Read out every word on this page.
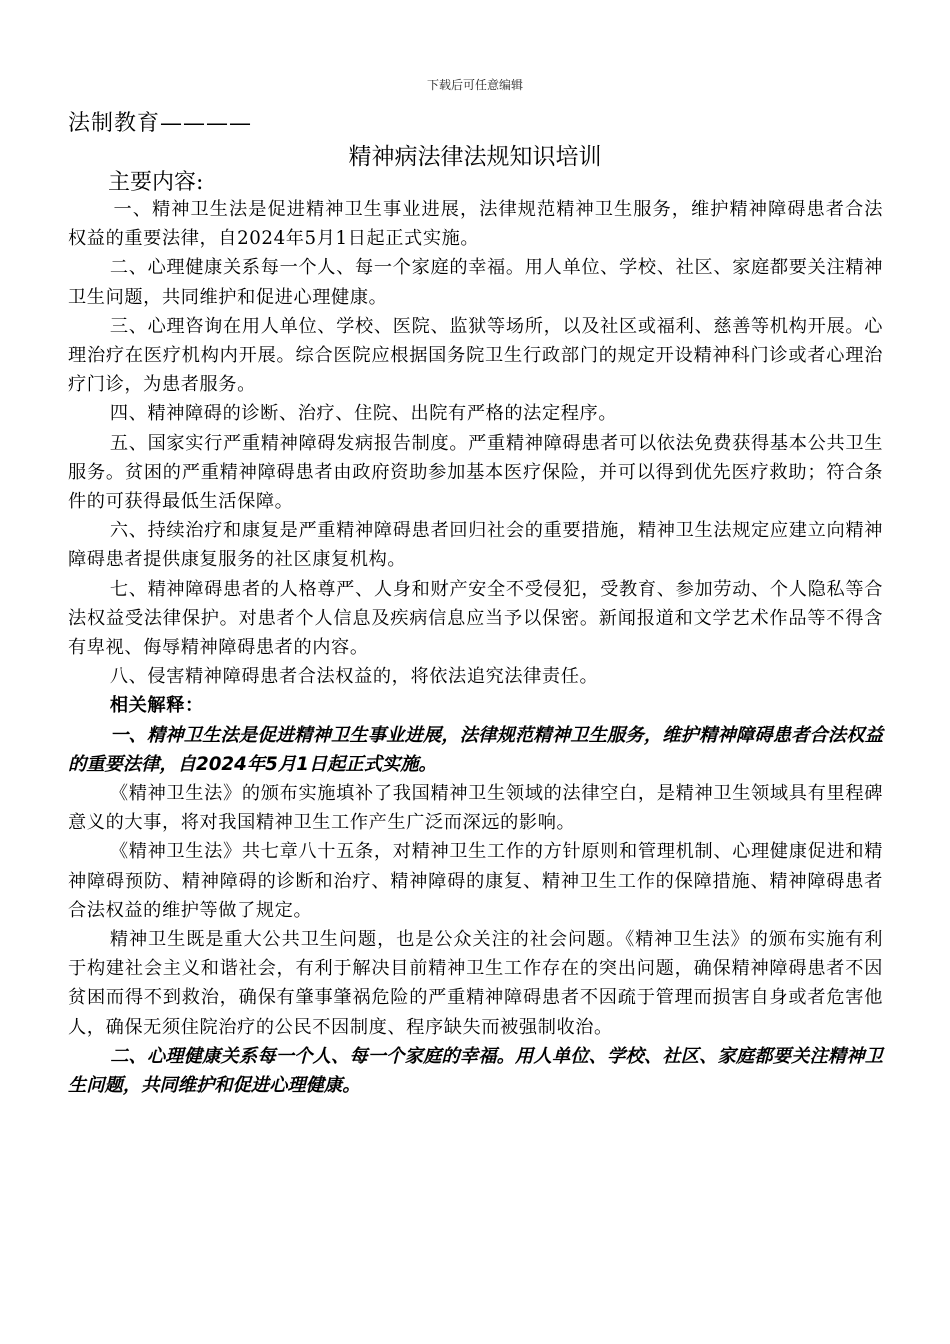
下载后可任意编辑
法制教育————
精神病法律法规知识培训
主要内容:

一、精神卫生法是促进精神卫生事业进展，法律规范精神卫生服务，维护精神障碍患者合法权益的重要法律，自2024年5月1日起正式实施。

二、心理健康关系每一个人、每一个家庭的幸福。用人单位、学校、社区、家庭都要关注精神卫生问题，共同维护和促进心理健康。

三、心理咨询在用人单位、学校、医院、监狱等场所，以及社区或福利、慈善等机构开展。心理治疗在医疗机构内开展。综合医院应根据国务院卫生行政部门的规定开设精神科门诊或者心理治疗门诊，为患者服务。

四、精神障碍的诊断、治疗、住院、出院有严格的法定程序。

五、国家实行严重精神障碍发病报告制度。严重精神障碍患者可以依法免费获得基本公共卫生服务。贫困的严重精神障碍患者由政府资助参加基本医疗保险，并可以得到优先医疗救助；符合条件的可获得最低生活保障。

六、持续治疗和康复是严重精神障碍患者回归社会的重要措施，精神卫生法规定应建立向精神障碍患者提供康复服务的社区康复机构。

七、精神障碍患者的人格尊严、人身和财产安全不受侵犯，受教育、参加劳动、个人隐私等合法权益受法律保护。对患者个人信息及疾病信息应当予以保密。新闻报道和文学艺术作品等不得含有卑视、侮辱精神障碍患者的内容。

八、侵害精神障碍患者合法权益的，将依法追究法律责任。

相关解释：

一、精神卫生法是促进精神卫生事业进展，法律规范精神卫生服务，维护精神障碍患者合法权益的重要法律，自2024年5月1日起正式实施。

《精神卫生法》的颁布实施填补了我国精神卫生领域的法律空白，是精神卫生领域具有里程碑意义的大事，将对我国精神卫生工作产生广泛而深远的影响。

《精神卫生法》共七章八十五条，对精神卫生工作的方针原则和管理机制、心理健康促进和精神障碍预防、精神障碍的诊断和治疗、精神障碍的康复、精神卫生工作的保障措施、精神障碍患者合法权益的维护等做了规定。

精神卫生既是重大公共卫生问题，也是公众关注的社会问题。《精神卫生法》的颁布实施有利于构建社会主义和谐社会，有利于解决目前精神卫生工作存在的突出问题，确保精神障碍患者不因贫困而得不到救治，确保有肇事肇祸危险的严重精神障碍患者不因疏于管理而损害自身或者危害他人，确保无须住院治疗的公民不因制度、程序缺失而被强制收治。

二、心理健康关系每一个人、每一个家庭的幸福。用人单位、学校、社区、家庭都要关注精神卫生问题，共同维护和促进心理健康。
